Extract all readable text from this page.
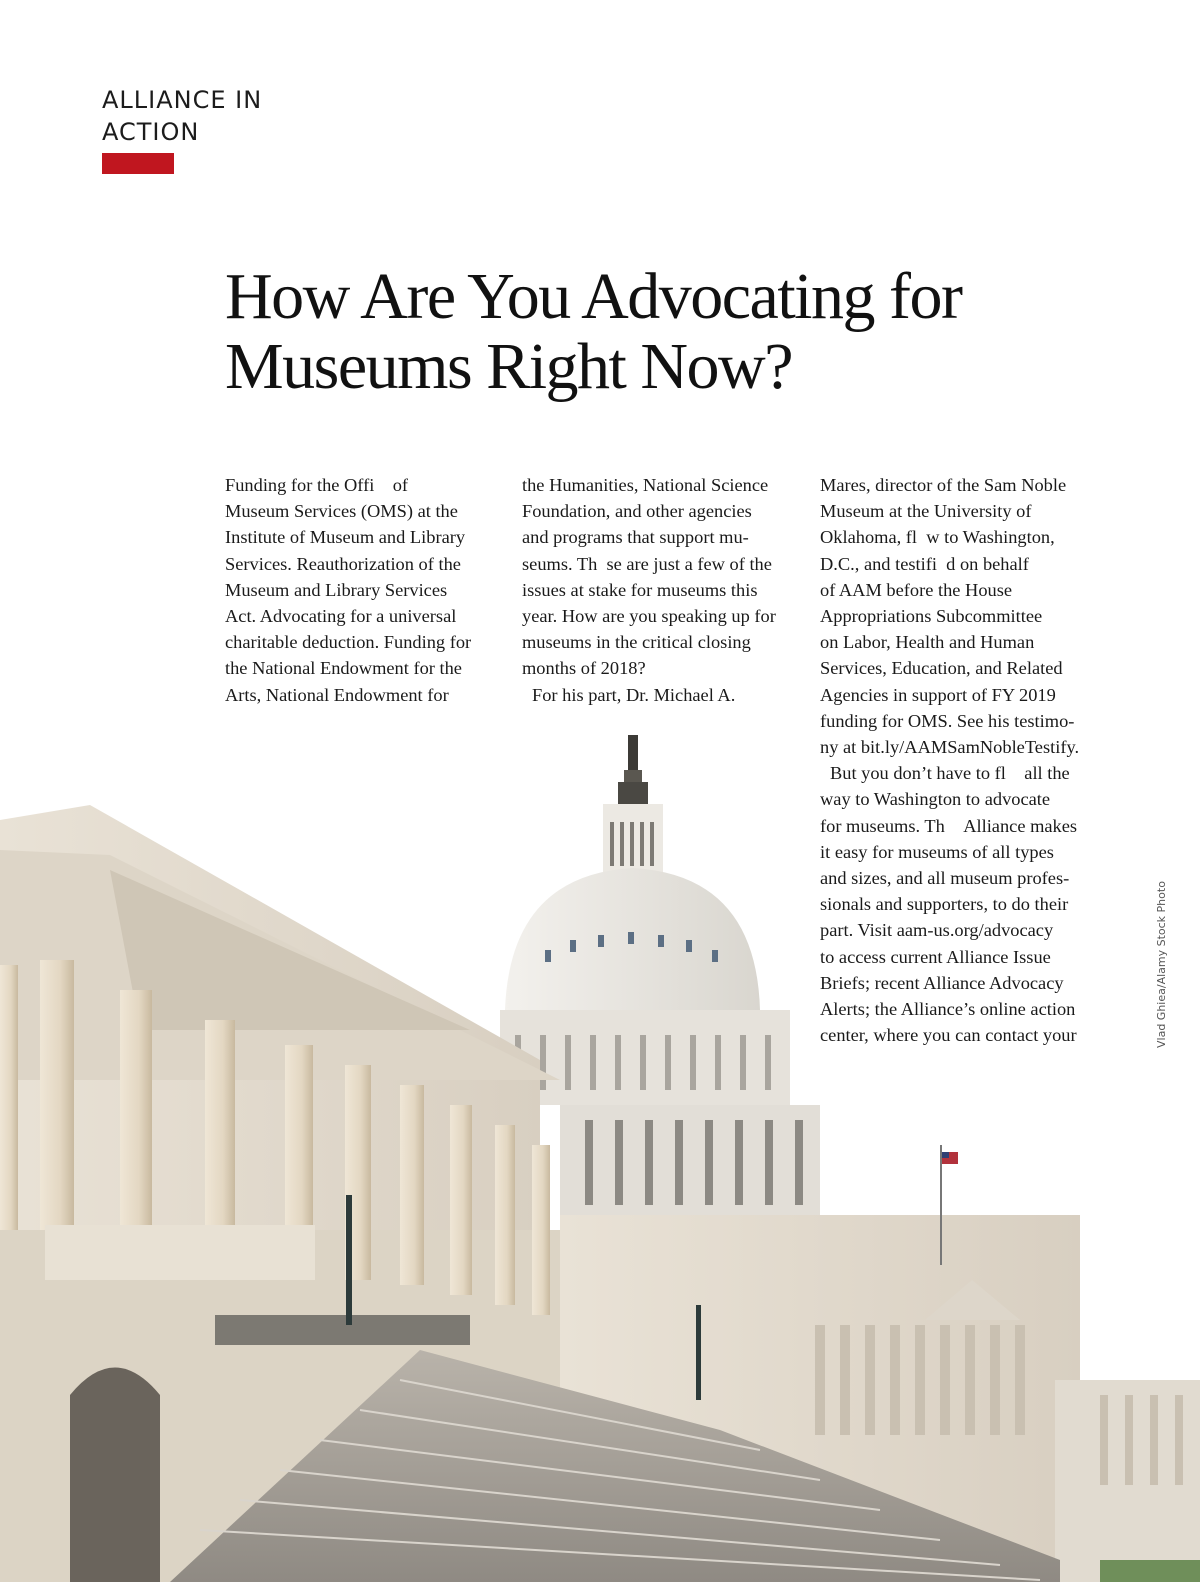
ALLIANCE IN
ACTION
How Are You Advocating for
Museums Right Now?
Funding for the Offi of
Museum Services (OMS) at the
Institute of Museum and Library
Services. Reauthorization of the
Museum and Library Services
Act. Advocating for a universal
charitable deduction. Funding for
the National Endowment for the
Arts, National Endowment for
the Humanities, National Science
Foundation, and other agencies
and programs that support mu-
seums. Th se are just a few of the
issues at stake for museums this
year. How are you speaking up for
museums in the critical closing
months of 2018?
For his part, Dr. Michael A.
Mares, director of the Sam Noble
Museum at the University of
Oklahoma, fl w to Washington,
D.C., and testifi d on behalf
of AAM before the House
Appropriations Subcommittee
on Labor, Health and Human
Services, Education, and Related
Agencies in support of FY 2019
funding for OMS. See his testimo-
ny at bit.ly/AAMSamNobleTestify.
But you don’t have to fl all the
way to Washington to advocate
for museums. Th Alliance makes
it easy for museums of all types
and sizes, and all museum profes-
sionals and supporters, to do their
part. Visit aam-us.org/advocacy
to access current Alliance Issue
Briefs; recent Alliance Advocacy
Alerts; the Alliance’s online action
center, where you can contact your	Vlad Ghiea/Alamy Stock Photo
